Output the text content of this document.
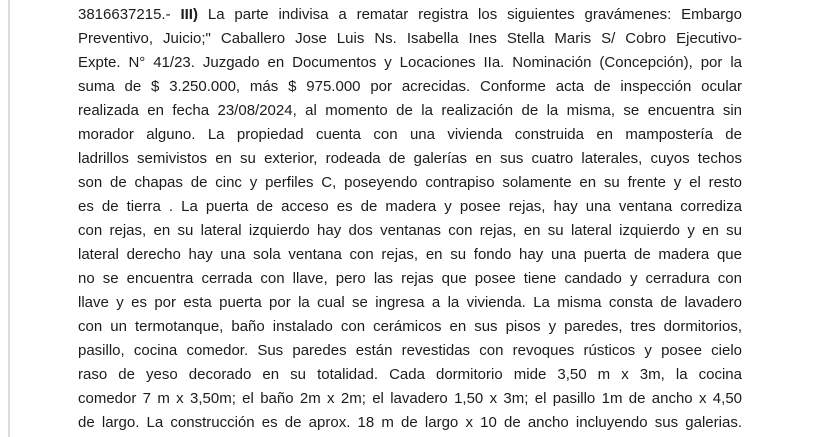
3816637215.- III) La parte indivisa a rematar registra los siguientes gravámenes: Embargo
Preventivo, Juicio;" Caballero Jose Luis Ns. Isabella Ines Stella Maris S/ Cobro Ejecutivo-
Expte. N° 41/23. Juzgado en Documentos y Locaciones IIa. Nominación (Concepción), por la
suma de $ 3.250.000, más $ 975.000 por acrecidas. Conforme acta de inspección ocular
realizada en fecha 23/08/2024, al momento de la realización de la misma, se encuentra sin
morador alguno. La propiedad cuenta con una vivienda construida en mampostería de
ladrillos semivistos en su exterior, rodeada de galerías en sus cuatro laterales, cuyos techos
son de chapas de cinc y perfiles C, poseyendo contrapiso solamente en su frente y el resto
es de tierra . La puerta de acceso es de madera y posee rejas, hay una ventana corrediza
con rejas, en su lateral izquierdo hay dos ventanas con rejas, en su lateral izquierdo y en su
lateral derecho hay una sola ventana con rejas, en su fondo hay una puerta de madera que
no se encuentra cerrada con llave, pero las rejas que posee tiene candado y cerradura con
llave y es por esta puerta por la cual se ingresa a la vivienda. La misma consta de lavadero
con un termotanque, baño instalado con cerámicos en sus pisos y paredes, tres dormitorios,
pasillo, cocina comedor. Sus paredes están revestidas con revoques rústicos y posee cielo
raso de yeso decorado en su totalidad. Cada dormitorio mide 3,50 m x 3m, la cocina
comedor 7 m x 3,50m; el baño 2m x 2m; el lavadero 1,50 x 3m; el pasillo 1m de ancho x 4,50
de largo. La construcción es de aprox. 18 m de largo x 10 de ancho incluyendo sus galerias.
